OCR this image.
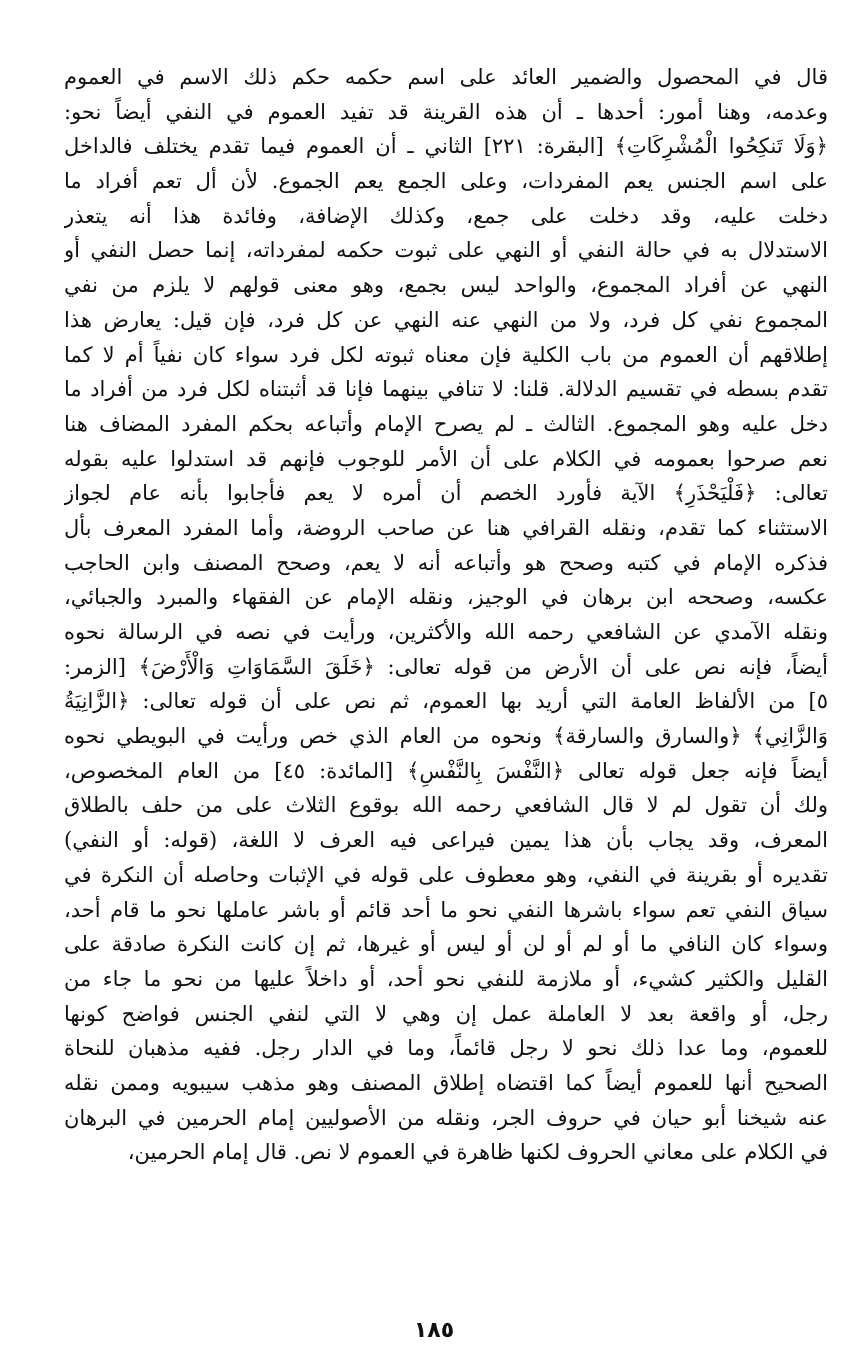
قال في المحصول والضمير العائد على اسم حكمه حكم ذلك الاسم في العموم
وعدمه، وهنا أمور: أحدها ـ أن هذه القرينة قد تفيد العموم في النفي أيضاً نحو:
﴿وَلَا تَنكِحُوا الْمُشْرِكَاتِ﴾ [البقرة: ٢٢١] الثاني ـ أن العموم فيما تقدم يختلف فالداخل
على اسم الجنس يعم المفردات، وعلى الجمع يعم الجموع. لأن أل تعم أفراد ما
دخلت عليه، وقد دخلت على جمع، وكذلك الإضافة، وفائدة هذا أنه يتعذر
الاستدلال به في حالة النفي أو النهي على ثبوت حكمه لمفرداته، إنما حصل النفي أو
النهي عن أفراد المجموع، والواحد ليس بجمع، وهو معنى قولهم لا يلزم من نفي
المجموع نفي كل فرد، ولا من النهي عنه النهي عن كل فرد، فإن قيل: يعارض هذا
إطلاقهم أن العموم من باب الكلية فإن معناه ثبوته لكل فرد سواء كان نفياً أم لا كما
تقدم بسطه في تقسيم الدلالة. قلنا: لا تنافي بينهما فإنا قد أثبتناه لكل فرد من أفراد ما
دخل عليه وهو المجموع. الثالث ـ لم يصرح الإمام وأتباعه بحكم المفرد المضاف هنا
نعم صرحوا بعمومه في الكلام على أن الأمر للوجوب فإنهم قد استدلوا عليه بقوله
تعالى: ﴿فَلْيَحْذَرِ﴾ الآية فأورد الخصم أن أمره لا يعم فأجابوا بأنه عام لجواز
الاستثناء كما تقدم، ونقله القرافي هنا عن صاحب الروضة، وأما المفرد المعرف بأل
فذكره الإمام في كتبه وصحح هو وأتباعه أنه لا يعم، وصحح المصنف وابن الحاجب
عكسه، وصححه ابن برهان في الوجيز، ونقله الإمام عن الفقهاء والمبرد والجبائي،
ونقله الآمدي عن الشافعي رحمه الله والأكثرين، ورأيت في نصه في الرسالة نحوه
أيضاً، فإنه نص على أن الأرض من قوله تعالى: ﴿خَلَقَ السَّمَاوَاتِ وَالْأَرْضَ﴾ [الزمر:
٥] من الألفاظ العامة التي أريد بها العموم، ثم نص على أن قوله تعالى: ﴿الزَّانِيَةُ
وَالزَّانِي﴾ ﴿والسارق والسارقة﴾ ونحوه من العام الذي خص ورأيت في البويطي نحوه
أيضاً فإنه جعل قوله تعالى ﴿النَّفْسَ بِالنَّفْسِ﴾ [المائدة: ٤٥] من العام المخصوص،
ولك أن تقول لم لا قال الشافعي رحمه الله بوقوع الثلاث على من حلف بالطلاق
المعرف، وقد يجاب بأن هذا يمين فيراعى فيه العرف لا اللغة، (قوله: أو النفي)
تقديره أو بقرينة في النفي، وهو معطوف على قوله في الإثبات وحاصله أن النكرة في
سياق النفي تعم سواء باشرها النفي نحو ما أحد قائم أو باشر عاملها نحو ما قام أحد،
وسواء كان النافي ما أو لم أو لن أو ليس أو غيرها، ثم إن كانت النكرة صادقة على
القليل والكثير كشيء، أو ملازمة للنفي نحو أحد، أو داخلاً عليها من نحو ما جاء من
رجل، أو واقعة بعد لا العاملة عمل إن وهي لا التي لنفي الجنس فواضح كونها
للعموم، وما عدا ذلك نحو لا رجل قائماً، وما في الدار رجل. ففيه مذهبان للنحاة
الصحيح أنها للعموم أيضاً كما اقتضاه إطلاق المصنف وهو مذهب سيبويه وممن نقله
عنه شيخنا أبو حيان في حروف الجر، ونقله من الأصوليين إمام الحرمين في البرهان
في الكلام على معاني الحروف لكنها ظاهرة في العموم لا نص. قال إمام الحرمين،
١٨٥
